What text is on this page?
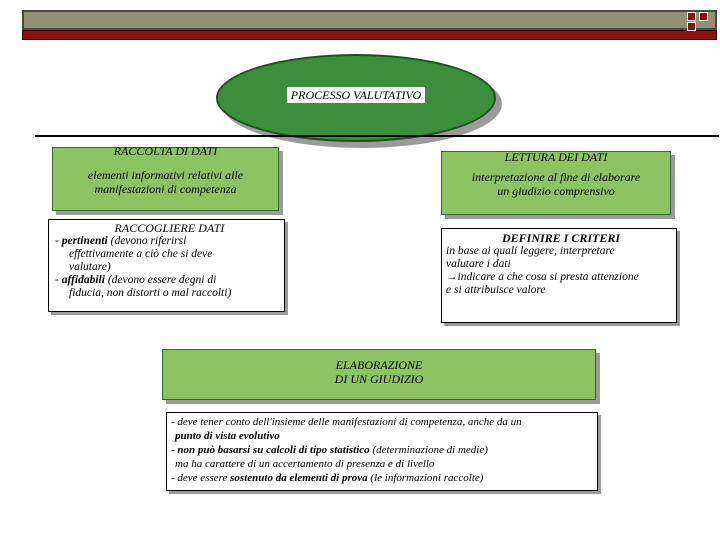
PROCESSO VALUTATIVO
RACCOLTA DI DATI
elementi informativi relativi alle
manifestazioni di competenza
LETTURA DEI DATI
interpretazione al fine di elaborare
un giudizio comprensivo
RACCOGLIERE DATI
- pertinenti (devono riferirsi
effettivamente a ciò che si deve
valutare)
- affidabili (devono essere degni di
fiducia, non distorti o mal raccolti)
DEFINIRE I CRITERI
in base ai quali leggere, interpretare
valutare i dati
→indicare a che cosa si presta attenzione
e si attribuisce valore
ELABORAZIONE
DI UN GIUDIZIO
- deve tener conto dell'insieme delle manifestazioni di competenza, anche da un
punto di vista evolutivo
- non può basarsi su calcoli di tipo statistico (determinazione di medie)
ma ha carattere di un accertamento di presenza e di livello
- deve essere sostenuto da elementi di prova (le informazioni raccolte)
